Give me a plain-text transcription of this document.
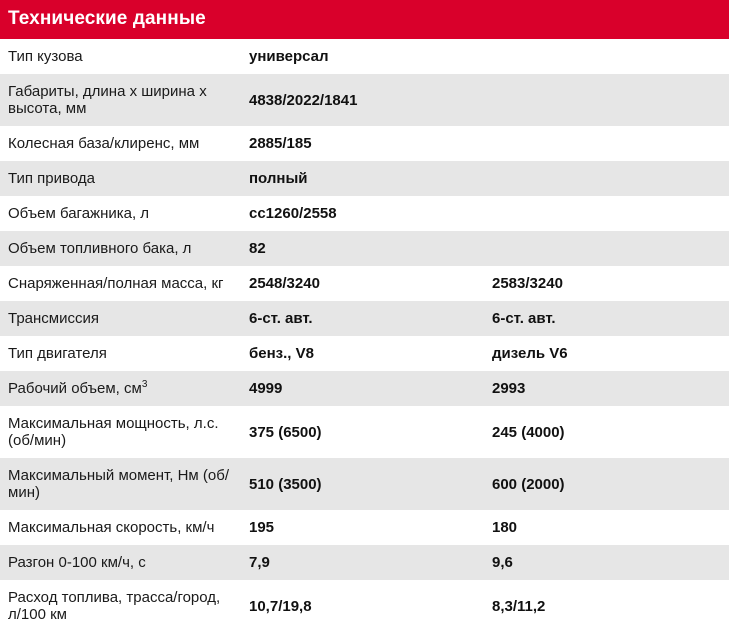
Технические данные		
Тип кузова	универсал	
Габариты, длина х ширина х высота, мм	4838/2022/1841	
Колесная база/клиренс, мм	2885/185	
Тип привода	полный	
Объем багажника, л	cc1260/2558	
Объем топливного бака, л	82	
Снаряженная/полная масса, кг	2548/3240	2583/3240
Трансмиссия	6-ст. авт.	6-ст. авт.
Тип двигателя	бенз., V8	дизель V6
Рабочий объем, $см^3$	4999	2993
Максимальная мощность, л.с. (об/мин)	375 (6500)	245 (4000)
Максимальный момент, Нм (об/мин)	510 (3500)	600 (2000)
Максимальная скорость, км/ч	195	180
Разгон 0-100 км/ч, с	7,9	9,6
Расход топлива, трасса/город, л/100 км	10,7/19,8	8,3/11,2
